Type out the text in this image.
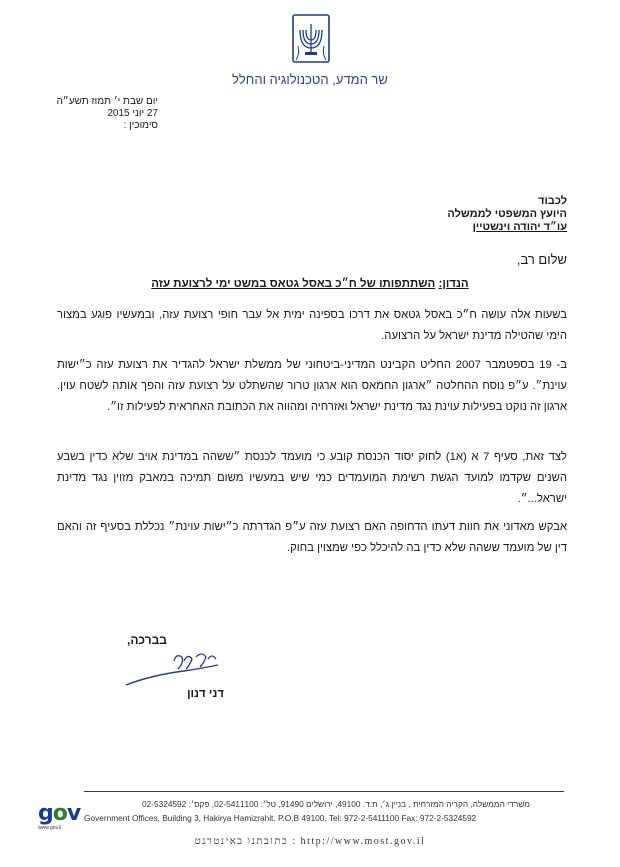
שר המדע, הטכנולוגיה והחלל
יום שבת י׳ תמוז תשע״ה
27 יוני 2015
סימוכין :
לכבוד
היועץ המשפטי לממשלה
עו״ד יהודה וינשטיין
שלום רב,
הנדון: השתתפותו של ח״כ באסל גטאס במשט ימי לרצועת עזה
בשעות אלה עושה ח״כ באסל גטאס את דרכו בספינה ימית אל עבר חופי רצועת עזה, ובמעשיו פוגע במצור הימי שהטילה מדינת ישראל על הרצועה.
ב- 19 בספטמבר 2007 החליט הקבינט המדיני-ביטחוני של ממשלת ישראל להגדיר את רצועת עזה כ״ישות עוינת״. ע״פ נוסח ההחלטה ״ארגון החמאס הוא ארגון טרור שהשתלט על רצועת עזה והפך אותה לשטח עוין. ארגון זה נוקט בפעילות עוינת נגד מדינת ישראל ואזרחיה ומהווה את הכתובת האחראית לפעילות זו״.
לצד זאת, סעיף 7 א (א1) לחוק יסוד הכנסת קובע כי מועמד לכנסת ״ששהה במדינת אויב שלא כדין בשבע השנים שקדמו למועד הגשת רשימת המועמדים כמי שיש במעשיו משום תמיכה במאבק מזוין נגד מדינת ישראל...״.
אבקש מאדוני את חוות דעתו הדחופה האם רצועת עזה ע״פ הגדרתה כ״ישות עוינת״ נכללת בסעיף זה והאם דין של מועמד ששהה שלא כדין בה להיכלל כפי שמצוין בחוק.
בברכה,
דני דנון
gov
www.gov.il
משרדי הממשלה, הקריה המזרחית , בניין ג׳, ת.ד. 49100, ירושלים 91490, טל׳: 02-5411100, פקס׳: 02-5324592
Government Offices, Building 3, Hakirya Hamizrahit. P.O.B 49100, Tel: 972-2-5411100 Fax: 972-2-5324592
כתובתנו באינטרנט : http://www.most.gov.il
